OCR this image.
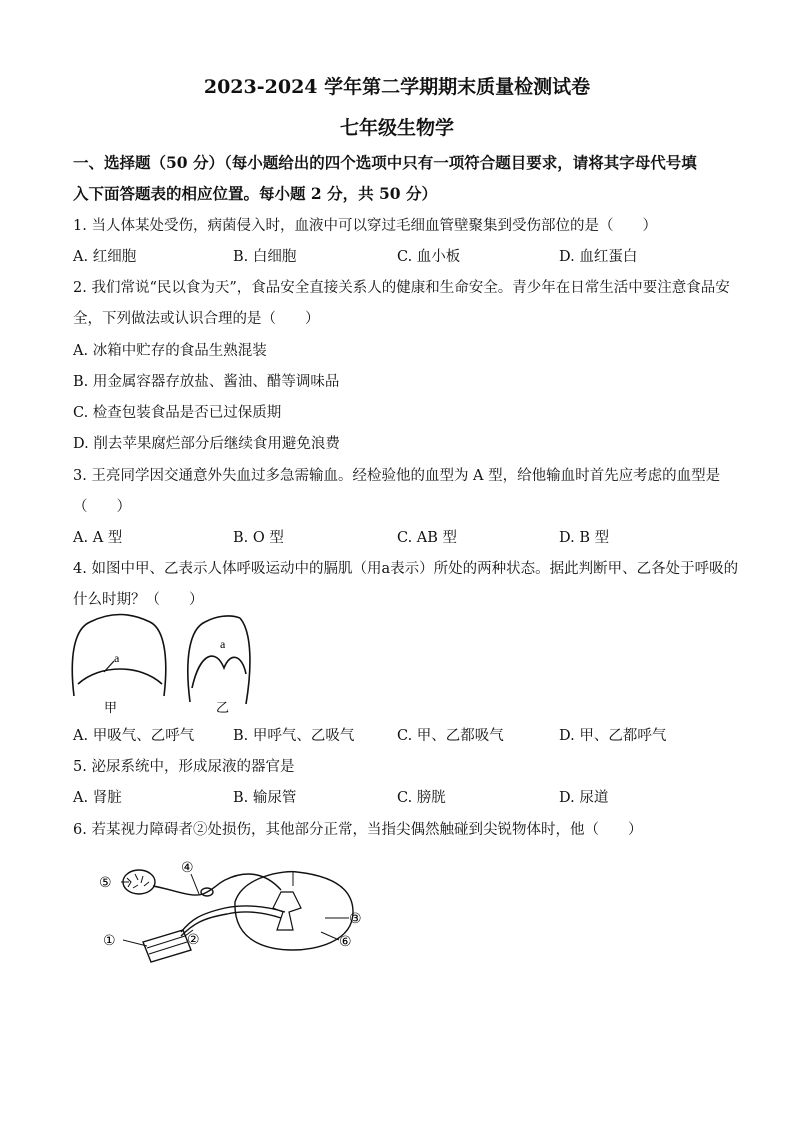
2023-2024 学年第二学期期末质量检测试卷
七年级生物学
一、选择题（50 分）（每小题给出的四个选项中只有一项符合题目要求，请将其字母代号填
入下面答题表的相应位置。每小题 2 分，共 50 分）
1. 当人体某处受伤，病菌侵入时，血液中可以穿过毛细血管壁聚集到受伤部位的是（　　）
A. 红细胞	B. 白细胞	C. 血小板	D. 血红蛋白
2. 我们常说“民以食为天”，食品安全直接关系人的健康和生命安全。青少年在日常生活中要注意食品安
全，下列做法或认识合理的是（　　）
A. 冰箱中贮存的食品生熟混装
B. 用金属容器存放盐、酱油、醋等调味品
C. 检查包装食品是否已过保质期
D. 削去苹果腐烂部分后继续食用避免浪费
3. 王亮同学因交通意外失血过多急需输血。经检验他的血型为 A 型，给他输血时首先应考虑的血型是
（　　）
A. A 型	B. O 型	C. AB 型	D. B 型
4. 如图中甲、乙表示人体呼吸运动中的膈肌（用a表示）所处的两种状态。据此判断甲、乙各处于呼吸的
什么时期？（　　）
a
a
甲	乙
A. 甲吸气、乙呼气	B. 甲呼气、乙吸气	C. 甲、乙都吸气	D. 甲、乙都呼气
5. 泌尿系统中，形成尿液的器官是
A. 肾脏	B. 输尿管	C. 膀胱	D. 尿道
6. 若某视力障碍者②处损伤，其他部分正常，当指尖偶然触碰到尖锐物体时，他（　　）
⑤
④
①	②
③
⑥
